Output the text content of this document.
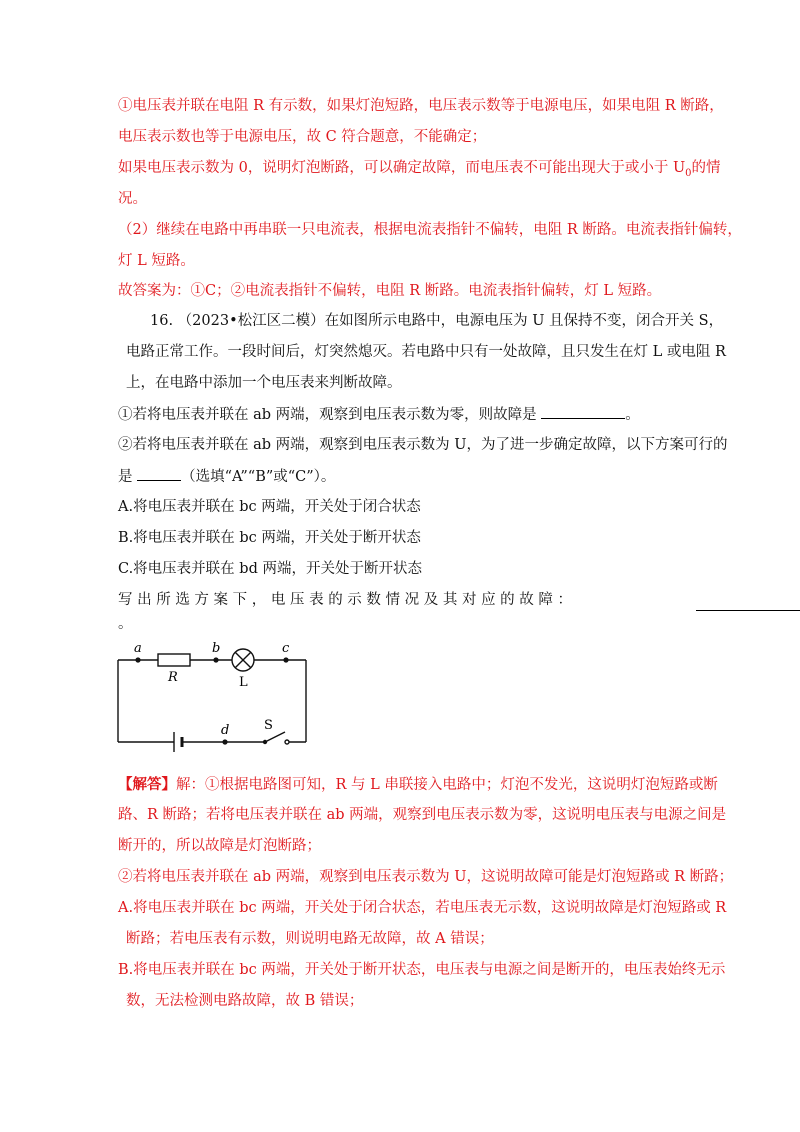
①电压表并联在电阻 R 有示数，如果灯泡短路，电压表示数等于电源电压，如果电阻 R 断路，
电压表示数也等于电源电压，故 C 符合题意，不能确定；
如果电压表示数为 0，说明灯泡断路，可以确定故障，而电压表不可能出现大于或小于 $U_0$的情
况。
（2）继续在电路中再串联一只电流表，根据电流表指针不偏转，电阻 R 断路。电流表指针偏转，
灯 L 短路。
故答案为：①C；②电流表指针不偏转，电阻 R 断路。电流表指针偏转，灯 L 短路。
16. （2023•松江区二模）在如图所示电路中，电源电压为 U 且保持不变，闭合开关 S，
电路正常工作。一段时间后，灯突然熄灭。若电路中只有一处故障，且只发生在灯 L 或电阻 R
上，在电路中添加一个电压表来判断故障。
①若将电压表并联在 ab 两端，观察到电压表示数为零，则故障是	。
②若将电压表并联在 ab 两端，观察到电压表示数为 U，为了进一步确定故障，以下方案可行的
是	（选填“A”“B”或“C”）。
A.将电压表并联在 bc 两端，开关处于闭合状态
B.将电压表并联在 bc 两端，开关处于断开状态
C.将电压表并联在 bd 两端，开关处于断开状态
写 出 所 选 方 案 下 ， 电 压 表 的 示 数 情 况 及 其 对 应 的 故 障 ：
。
a	b	c
d
R	L
S
【解答】解：①根据电路图可知，R 与 L 串联接入电路中；灯泡不发光，这说明灯泡短路或断
路、R 断路；若将电压表并联在 ab 两端，观察到电压表示数为零，这说明电压表与电源之间是
断开的，所以故障是灯泡断路；
②若将电压表并联在 ab 两端，观察到电压表示数为 U，这说明故障可能是灯泡短路或 R 断路；
A.将电压表并联在 bc 两端，开关处于闭合状态，若电压表无示数，这说明故障是灯泡短路或 R
断路；若电压表有示数，则说明电路无故障，故 A 错误；
B.将电压表并联在 bc 两端，开关处于断开状态，电压表与电源之间是断开的，电压表始终无示
数，无法检测电路故障，故 B 错误；
